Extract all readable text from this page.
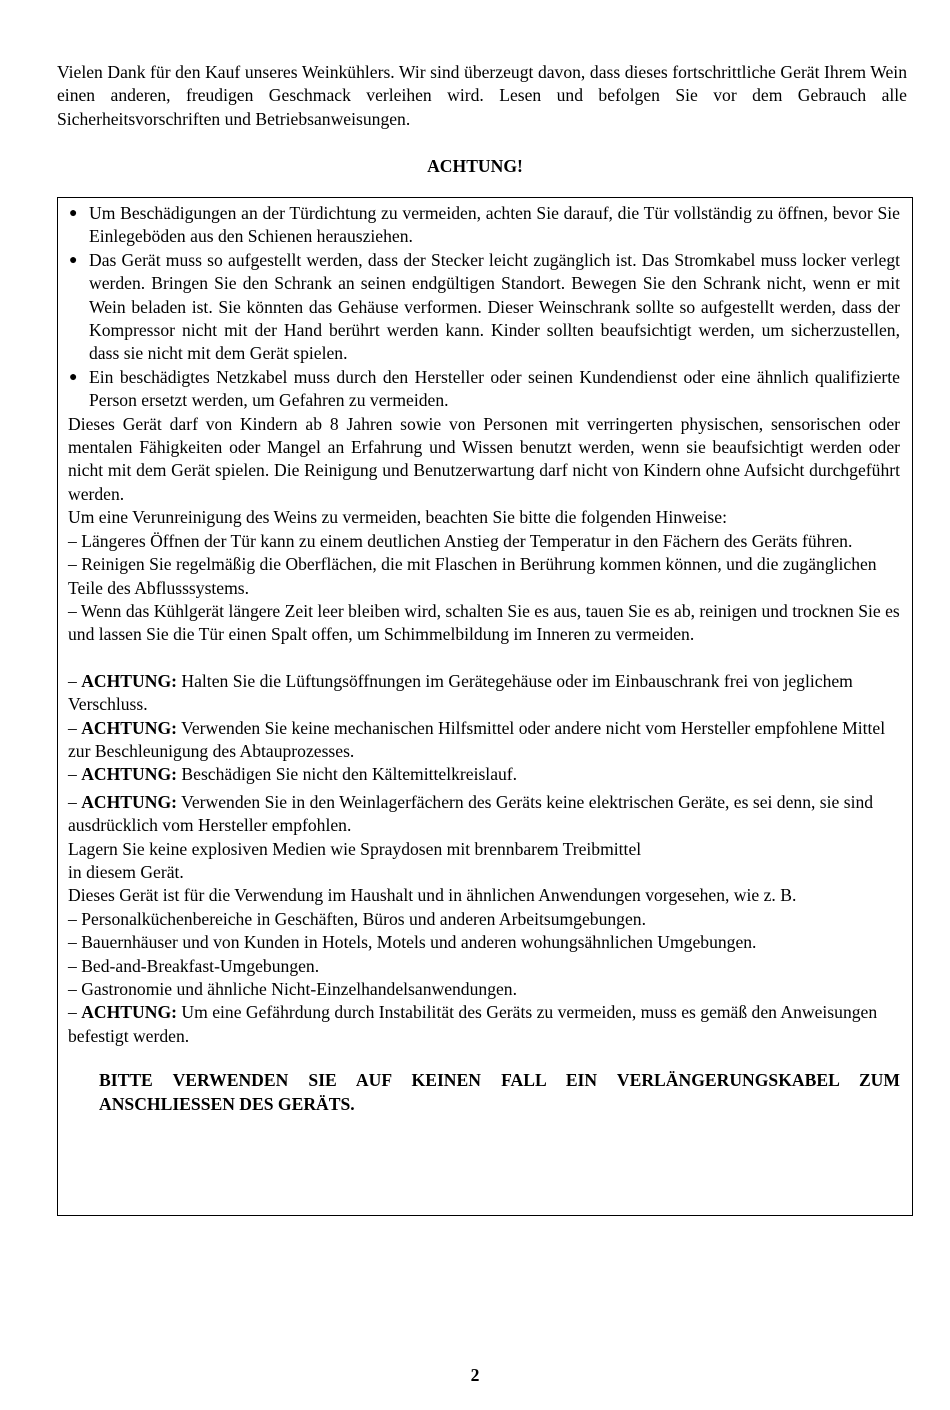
Vielen Dank für den Kauf unseres Weinkühlers. Wir sind überzeugt davon, dass dieses fortschrittliche Gerät Ihrem Wein einen anderen, freudigen Geschmack verleihen wird. Lesen und befolgen Sie vor dem Gebrauch alle Sicherheitsvorschriften und Betriebsanweisungen.

ACHTUNG!

● Um Beschädigungen an der Türdichtung zu vermeiden, achten Sie darauf, die Tür vollständig zu öffnen, bevor Sie Einlegeböden aus den Schienen herausziehen.
● Das Gerät muss so aufgestellt werden, dass der Stecker leicht zugänglich ist. Das Stromkabel muss locker verlegt werden. Bringen Sie den Schrank an seinen endgültigen Standort. Bewegen Sie den Schrank nicht, wenn er mit Wein beladen ist. Sie könnten das Gehäuse verformen. Dieser Weinschrank sollte so aufgestellt werden, dass der Kompressor nicht mit der Hand berührt werden kann. Kinder sollten beaufsichtigt werden, um sicherzustellen, dass sie nicht mit dem Gerät spielen.
● Ein beschädigtes Netzkabel muss durch den Hersteller oder seinen Kundendienst oder eine ähnlich qualifizierte Person ersetzt werden, um Gefahren zu vermeiden.

Dieses Gerät darf von Kindern ab 8 Jahren sowie von Personen mit verringerten physischen, sensorischen oder mentalen Fähigkeiten oder Mangel an Erfahrung und Wissen benutzt werden, wenn sie beaufsichtigt werden oder nicht mit dem Gerät spielen. Die Reinigung und Benutzerwartung darf nicht von Kindern ohne Aufsicht durchgeführt werden.

Um eine Verunreinigung des Weins zu vermeiden, beachten Sie bitte die folgenden Hinweise:

– Längeres Öffnen der Tür kann zu einem deutlichen Anstieg der Temperatur in den Fächern des Geräts führen.

– Reinigen Sie regelmäßig die Oberflächen, die mit Flaschen in Berührung kommen können, und die zugänglichen Teile des Abflusssystems.

– Wenn das Kühlgerät längere Zeit leer bleiben wird, schalten Sie es aus, tauen Sie es ab, reinigen und trocknen Sie es und lassen Sie die Tür einen Spalt offen, um Schimmelbildung im Inneren zu vermeiden.

– ACHTUNG: Halten Sie die Lüftungsöffnungen im Gerätegehäuse oder im Einbauschrank frei von jeglichem Verschluss.

– ACHTUNG: Verwenden Sie keine mechanischen Hilfsmittel oder andere nicht vom Hersteller empfohlene Mittel zur Beschleunigung des Abtauprozesses.

– ACHTUNG: Beschädigen Sie nicht den Kältemittelkreislauf.

– ACHTUNG: Verwenden Sie in den Weinlagerfächern des Geräts keine elektrischen Geräte, es sei denn, sie sind ausdrücklich vom Hersteller empfohlen.

Lagern Sie keine explosiven Medien wie Spraydosen mit brennbarem Treibmittel

in diesem Gerät.

Dieses Gerät ist für die Verwendung im Haushalt und in ähnlichen Anwendungen vorgesehen, wie z. B.

– Personalküchenbereiche in Geschäften, Büros und anderen Arbeitsumgebungen.

– Bauernhäuser und von Kunden in Hotels, Motels und anderen wohungsähnlichen Umgebungen.

– Bed-and-Breakfast-Umgebungen.

– Gastronomie und ähnliche Nicht-Einzelhandelsanwendungen.

– ACHTUNG: Um eine Gefährdung durch Instabilität des Geräts zu vermeiden, muss es gemäß den Anweisungen befestigt werden.

BITTE VERWENDEN SIE AUF KEINEN FALL EIN VERLÄNGERUNGSKABEL ZUM ANSCHLIESSEN DES GERÄTS.

2
